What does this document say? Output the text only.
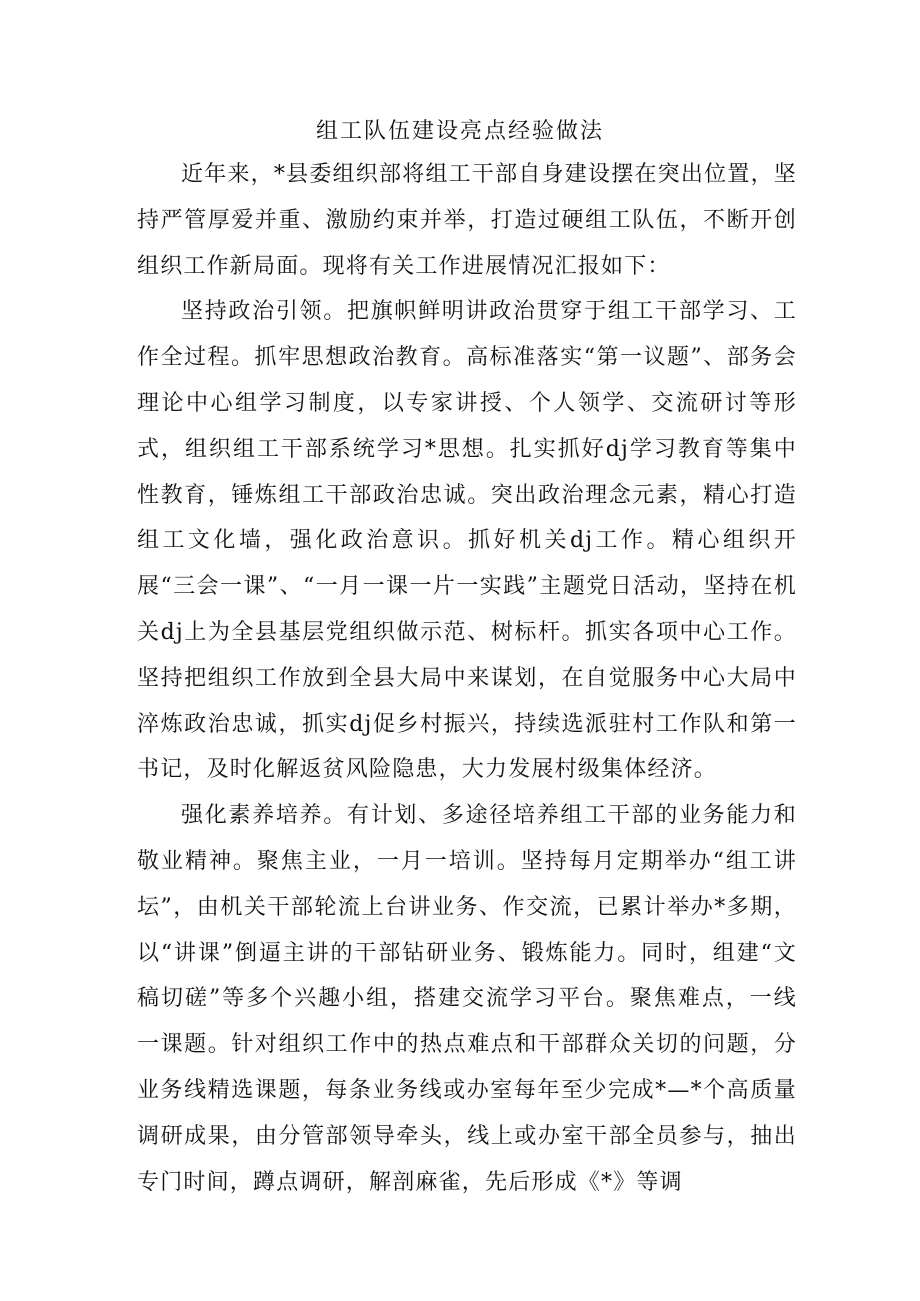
组工队伍建设亮点经验做法

近年来，*县委组织部将组工干部自身建设摆在突出位置，坚持严管厚爱并重、激励约束并举，打造过硬组工队伍，不断开创组织工作新局面。现将有关工作进展情况汇报如下：

坚持政治引领。把旗帜鲜明讲政治贯穿于组工干部学习、工作全过程。抓牢思想政治教育。高标准落实“第一议题”、部务会理论中心组学习制度，以专家讲授、个人领学、交流研讨等形式，组织组工干部系统学习*思想。扎实抓好dj学习教育等集中性教育，锤炼组工干部政治忠诚。突出政治理念元素，精心打造组工文化墙，强化政治意识。抓好机关dj工作。精心组织开展“三会一课”、“一月一课一片一实践”主题党日活动，坚持在机关dj上为全县基层党组织做示范、树标杆。抓实各项中心工作。坚持把组织工作放到全县大局中来谋划，在自觉服务中心大局中淬炼政治忠诚，抓实dj促乡村振兴，持续选派驻村工作队和第一书记，及时化解返贫风险隐患，大力发展村级集体经济。

强化素养培养。有计划、多途径培养组工干部的业务能力和敬业精神。聚焦主业，一月一培训。坚持每月定期举办“组工讲坛”，由机关干部轮流上台讲业务、作交流，已累计举办*多期，以“讲课”倒逼主讲的干部钻研业务、锻炼能力。同时，组建“文稿切磋”等多个兴趣小组，搭建交流学习平台。聚焦难点，一线一课题。针对组织工作中的热点难点和干部群众关切的问题，分业务线精选课题，每条业务线或办室每年至少完成*—*个高质量调研成果，由分管部领导牵头，线上或办室干部全员参与，抽出专门时间，蹲点调研，解剖麻雀，先后形成《*》等调
